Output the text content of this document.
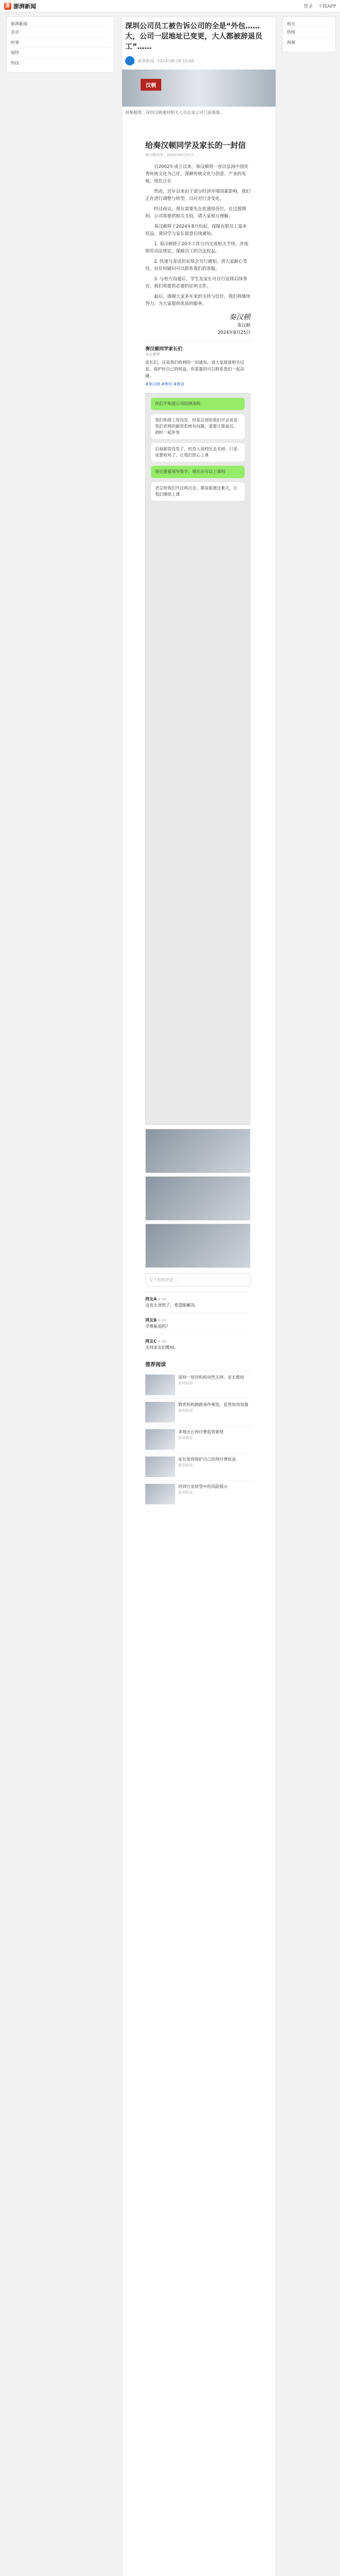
澎 澎湃新闻	登录 下载APP
澎湃新闻
首页
时事
财经
科技
相关
热榜
视频
深圳公司员工被告诉公司的全是“外包……大，公司一层地址已变更，大人都被辞退员工”……
澎湃新闻 2024-08-28 10:00
汉顿
视频截图：深圳汉顿建材相关人员在该公司门前聚集。
给奏汉顿同学及家长的一封信
奏汉顿同学 · 2024年8月25日
自2002年成立以来，奏汉顿将一直以弘扬中国优秀传统文化为己任，深耕传统文化与创意、产业的发展，现在正在
然而，近年以来由于部分经济环境因素影响，我们正在进行调整与转型，以应对行业变化。
经过商议，现在需要先在此通知各位，在过渡期间，公司将提供相关支持，请大家相互理解。
奏汉顿将于2024年8月份起，保障在职员工基本权益，请同学与家长留意后续通知。
1. 奏汉顿将于20个工作日内完成相关手续，并按照劳动法规定，保障员工的合法权益。
2. 快递与寄送的安排会另行通知，请大家耐心等待，有任何疑问可以联系我们的客服。
3. 与校方沟通后，学生及家长可自行安排后续事宜，我们将提供必要的证明文件。
最后，感谢大家多年来的支持与信任，我们将继续努力，为大家提供优质的服务。
奏汉顿
奏汉顿
2024年8月25日
奏汉顿同学家长们
来自微博
家长们，这是我们收到的一封通知，请大家留意相关信息，保护好自己的权益，有需要的可以联系我们一起沟通。
#奏汉顿 #维权 #教育
你们不知道公司的情况吗
我们知道工资没发，但是总部给我们开会说是我们老师的薪资系统有问题，需要计算延迟，到时一起补发
后面薪资没发了，但没人说校区会关掉，只是说要收尾了，让我们放心上课
现在想看领导签字，现在还可以上课吗
老总给我们开过两次会，都说能渡过难关，让我们继续上课
写下你的评论...
网友A 8-28
这也太突然了，希望能解决。
网友B 8-28
学费能退吗？
网友C 8-28
支持家长们维权。
推荐阅读
深圳一培训机构突然关停，家长维权
澎湃新闻
教育机构跑路事件频发，监管如何加强
澎湃新闻
多地出台预付费监管新规
澎湃新闻
家长如何保护自己的预付费权益
澎湃新闻
培训行业转型中的风险提示
澎湃新闻
